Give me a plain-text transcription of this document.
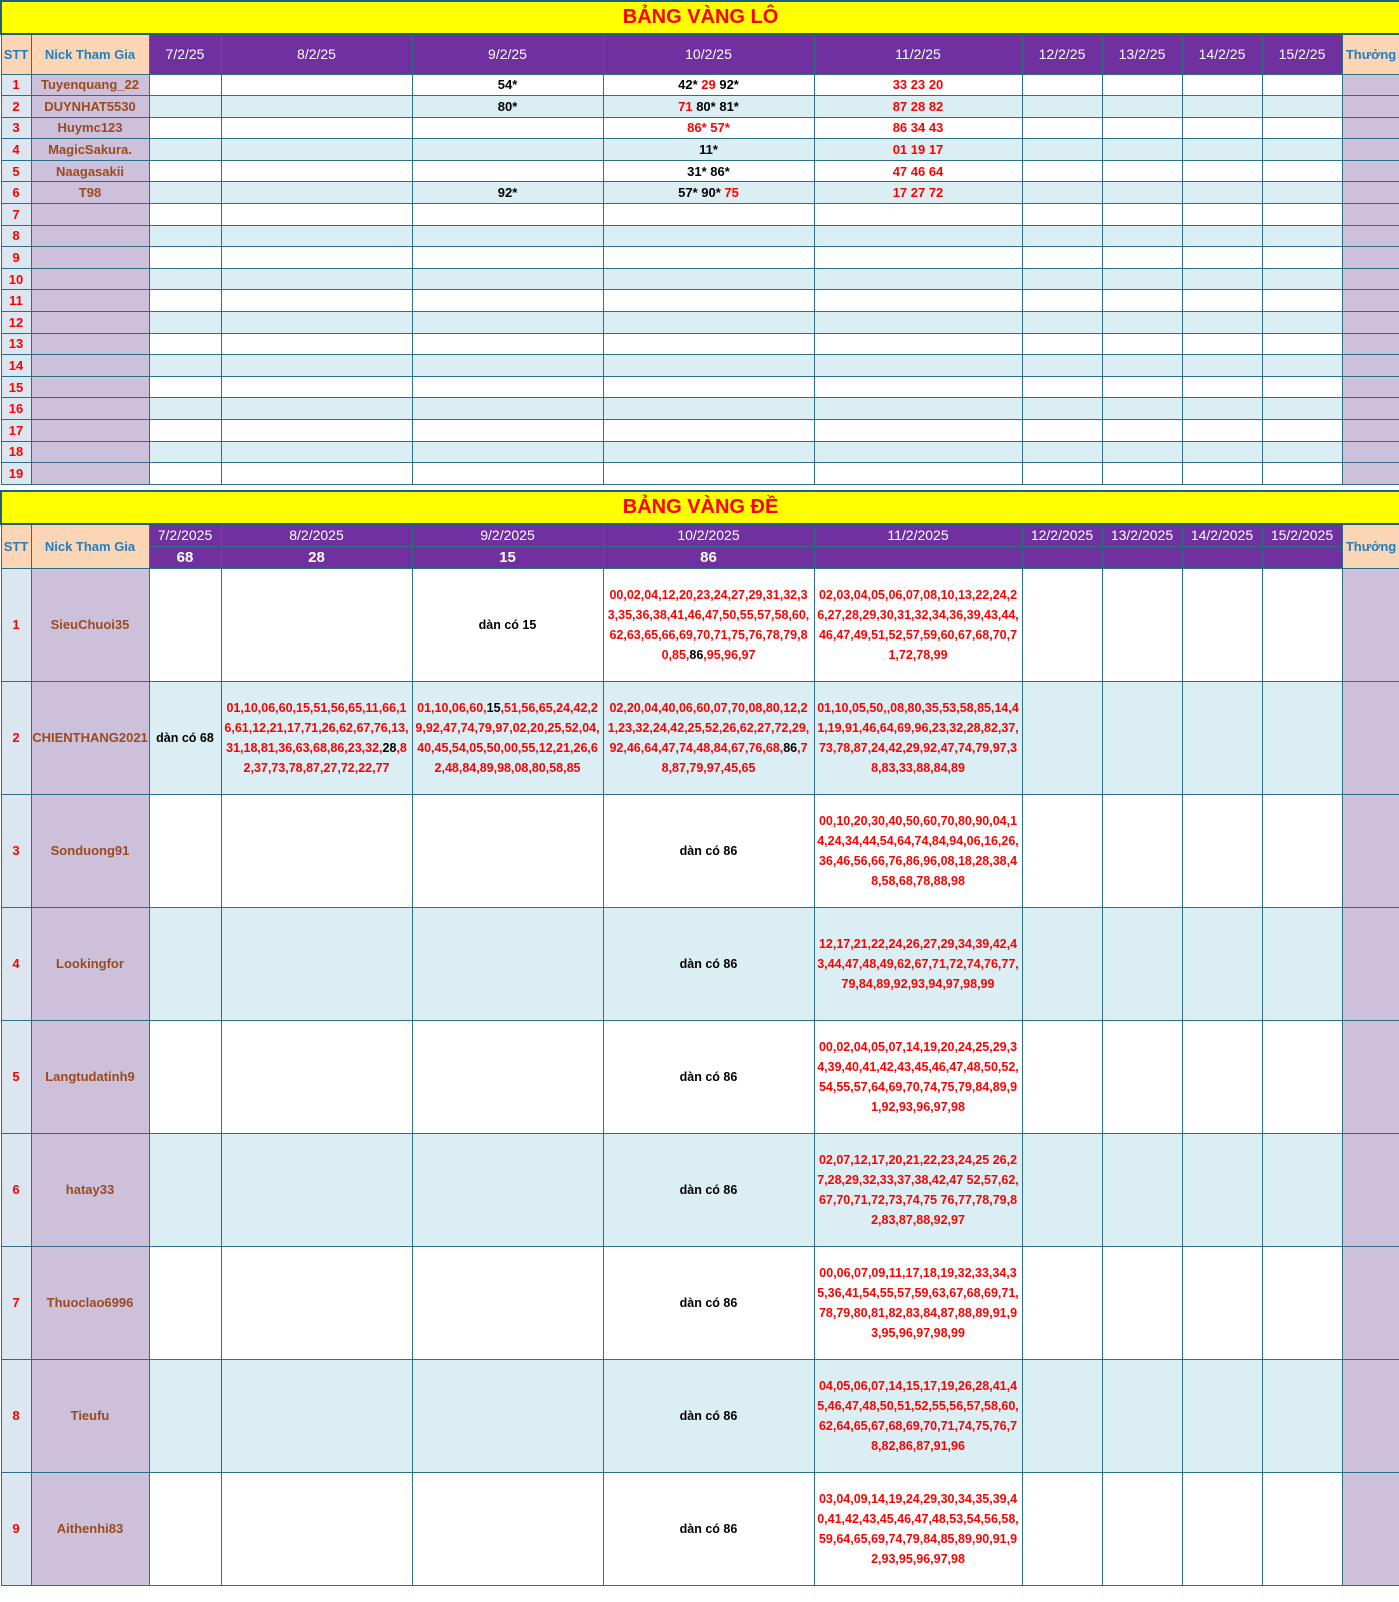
BẢNG VÀNG LÔ											
STT	Nick Tham Gia	7/2/25	8/2/25	9/2/25	10/2/25	11/2/25	12/2/25	13/2/25	14/2/25	15/2/25	Thưởng
1	Tuyenquang_22			54*	42* 29 92*	33 23 20					
2	DUYNHAT5530			80*	71 80* 81*	87 28 82					
3	Huymc123				86* 57*	86 34 43					
4	MagicSakura.				11*	01 19 17					
5	Naagasakii				31* 86*	47 46 64					
6	T98			92*	57* 90* 75	17 27 72					
7											
8											
9											
10											
11											
12											
13											
14											
15											
16											
17											
18											
19											
BẢNG VÀNG ĐỀ											
STT	Nick Tham Gia	7/2/2025	8/2/2025	9/2/2025	10/2/2025	11/2/2025	12/2/2025	13/2/2025	14/2/2025	15/2/2025	Thưởng
		68	28	15	86						
1	SieuChuoi35			dàn có 15	00,02,04,12,20,23,24,27,29,31,32,33,35,36,38,41,46,47,50,55,57,58,60,62,63,65,66,69,70,71,75,76,78,79,80,85,86,95,96,97	02,03,04,05,06,07,08,10,13,22,24,26,27,28,29,30,31,32,34,36,39,43,44,46,47,49,51,52,57,59,60,67,68,70,71,72,78,99					
2	CHIENTHANG2021	dàn có 68	01,10,06,60,15,51,56,65,11,66,16,61,12,21,17,71,26,62,67,76,13,31,18,81,36,63,68,86,23,32,28,82,37,73,78,87,27,72,22,77	01,10,06,60,15,51,56,65,24,42,29,92,47,74,79,97,02,20,25,52,04,40,45,54,05,50,00,55,12,21,26,62,48,84,89,98,08,80,58,85	02,20,04,40,06,60,07,70,08,80,12,21,23,32,24,42,25,52,26,62,27,72,29,92,46,64,47,74,48,84,67,76,68,86,78,87,79,97,45,65	01,10,05,50,,08,80,35,53,58,85,14,41,19,91,46,64,69,96,23,32,28,82,37,73,78,87,24,42,29,92,47,74,79,97,38,83,33,88,84,89					
3	Sonduong91				dàn có 86	00,10,20,30,40,50,60,70,80,90,04,14,24,34,44,54,64,74,84,94,06,16,26,36,46,56,66,76,86,96,08,18,28,38,48,58,68,78,88,98					
4	Lookingfor				dàn có 86	12,17,21,22,24,26,27,29,34,39,42,43,44,47,48,49,62,67,71,72,74,76,77,79,84,89,92,93,94,97,98,99					
5	Langtudatinh9				dàn có 86	00,02,04,05,07,14,19,20,24,25,29,34,39,40,41,42,43,45,46,47,48,50,52,54,55,57,64,69,70,74,75,79,84,89,91,92,93,96,97,98					
6	hatay33				dàn có 86	02,07,12,17,20,21,22,23,24,25 26,27,28,29,32,33,37,38,42,47 52,57,62,67,70,71,72,73,74,75 76,77,78,79,82,83,87,88,92,97					
7	Thuoclao6996				dàn có 86	00,06,07,09,11,17,18,19,32,33,34,35,36,41,54,55,57,59,63,67,68,69,71,78,79,80,81,82,83,84,87,88,89,91,93,95,96,97,98,99					
8	Tieufu				dàn có 86	04,05,06,07,14,15,17,19,26,28,41,45,46,47,48,50,51,52,55,56,57,58,60,62,64,65,67,68,69,70,71,74,75,76,78,82,86,87,91,96					
9	Aithenhi83				dàn có 86	03,04,09,14,19,24,29,30,34,35,39,40,41,42,43,45,46,47,48,53,54,56,58,59,64,65,69,74,79,84,85,89,90,91,92,93,95,96,97,98					
